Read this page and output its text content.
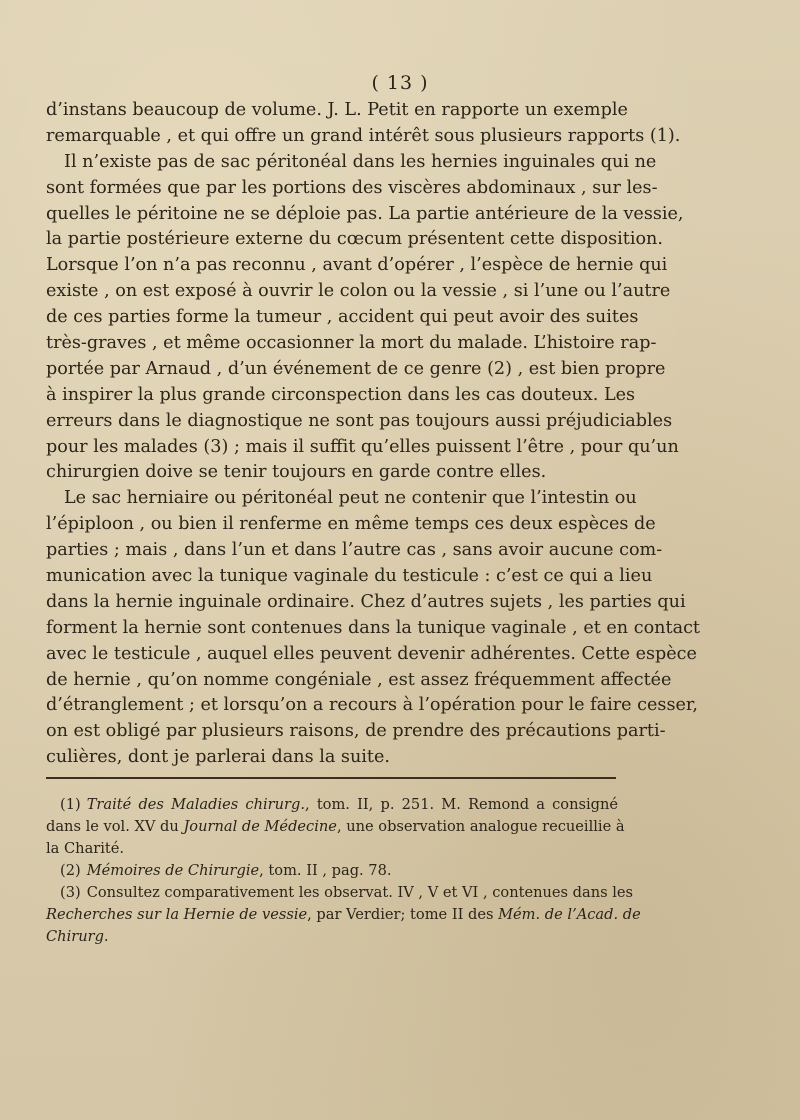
( 13 )
d’instans beaucoup de volume. J. L. Petit en rapporte un exemple
remarquable , et qui offre un grand intérêt sous plusieurs rapports (1).
Il n’existe pas de sac péritonéal dans les hernies inguinales qui ne
sont formées que par les portions des viscères abdominaux , sur les-
quelles le péritoine ne se déploie pas. La partie antérieure de la vessie,
la partie postérieure externe du cœcum présentent cette disposition.
Lorsque l’on n’a pas reconnu , avant d’opérer , l’espèce de hernie qui
existe , on est exposé à ouvrir le colon ou la vessie , si l’une ou l’autre
de ces parties forme la tumeur , accident qui peut avoir des suites
très-graves , et même occasionner la mort du malade. L’histoire rap-
portée par Arnaud , d’un événement de ce genre (2) , est bien propre
à inspirer la plus grande circonspection dans les cas douteux. Les
erreurs dans le diagnostique ne sont pas toujours aussi préjudiciables
pour les malades (3) ; mais il suffit qu’elles puissent l’être , pour qu’un
chirurgien doive se tenir toujours en garde contre elles.
Le sac herniaire ou péritonéal peut ne contenir que l’intestin ou
l’épiploon , ou bien il renferme en même temps ces deux espèces de
parties ; mais , dans l’un et dans l’autre cas , sans avoir aucune com-
munication avec la tunique vaginale du testicule : c’est ce qui a lieu
dans la hernie inguinale ordinaire. Chez d’autres sujets , les parties qui
forment la hernie sont contenues dans la tunique vaginale , et en contact
avec le testicule , auquel elles peuvent devenir adhérentes. Cette espèce
de hernie , qu’on nomme congéniale , est assez fréquemment affectée
d’étranglement ; et lorsqu’on a recours à l’opération pour le faire cesser,
on est obligé par plusieurs raisons, de prendre des précautions parti-
culières, dont je parlerai dans la suite.
(1) Traité des Maladies chirurg., tom. II, p. 251. M. Remond a consigné
dans le vol. XV du Journal de Médecine, une observation analogue recueillie à
la Charité.
(2) Mémoires de Chirurgie, tom. II , pag. 78.
(3) Consultez comparativement les observat. IV , V et VI , contenues dans les
Recherches sur la Hernie de vessie, par Verdier; tome II des Mém. de l’Acad. de
Chirurg.
